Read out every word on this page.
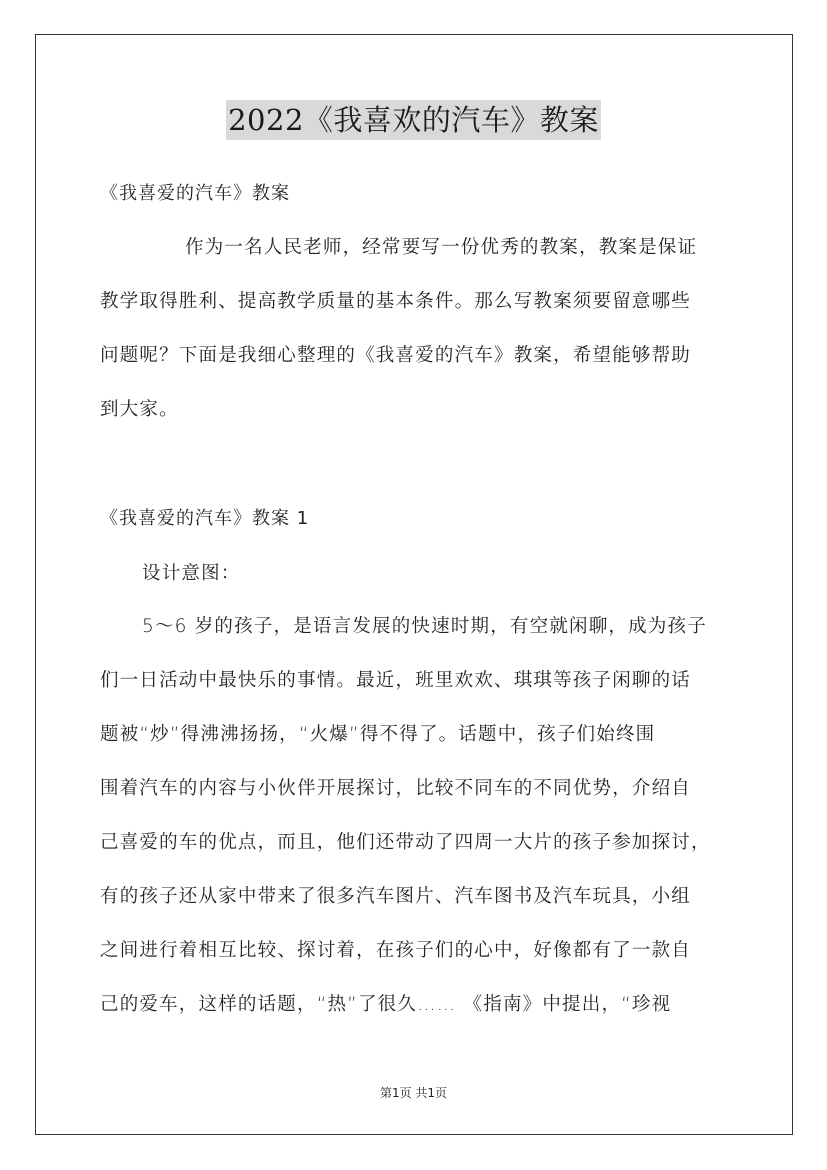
2022《我喜欢的汽车》教案
《我喜爱的汽车》教案
作为一名人民老师，经常要写一份优秀的教案，教案是保证
教学取得胜利、提高教学质量的基本条件。那么写教案须要留意哪些
问题呢？下面是我细心整理的《我喜爱的汽车》教案，希望能够帮助
到大家。
《我喜爱的汽车》教案 1
设计意图：
5～6 岁的孩子，是语言发展的快速时期，有空就闲聊，成为孩子
们一日活动中最快乐的事情。最近，班里欢欢、琪琪等孩子闲聊的话
题被“炒”得沸沸扬扬，“火爆”得不得了。话题中，孩子们始终围
围着汽车的内容与小伙伴开展探讨，比较不同车的不同优势，介绍自
己喜爱的车的优点，而且，他们还带动了四周一大片的孩子参加探讨，
有的孩子还从家中带来了很多汽车图片、汽车图书及汽车玩具，小组
之间进行着相互比较、探讨着，在孩子们的心中，好像都有了一款自
己的爱车，这样的话题，“热”了很久…… 《指南》中提出，“珍视
第1页 共1页
